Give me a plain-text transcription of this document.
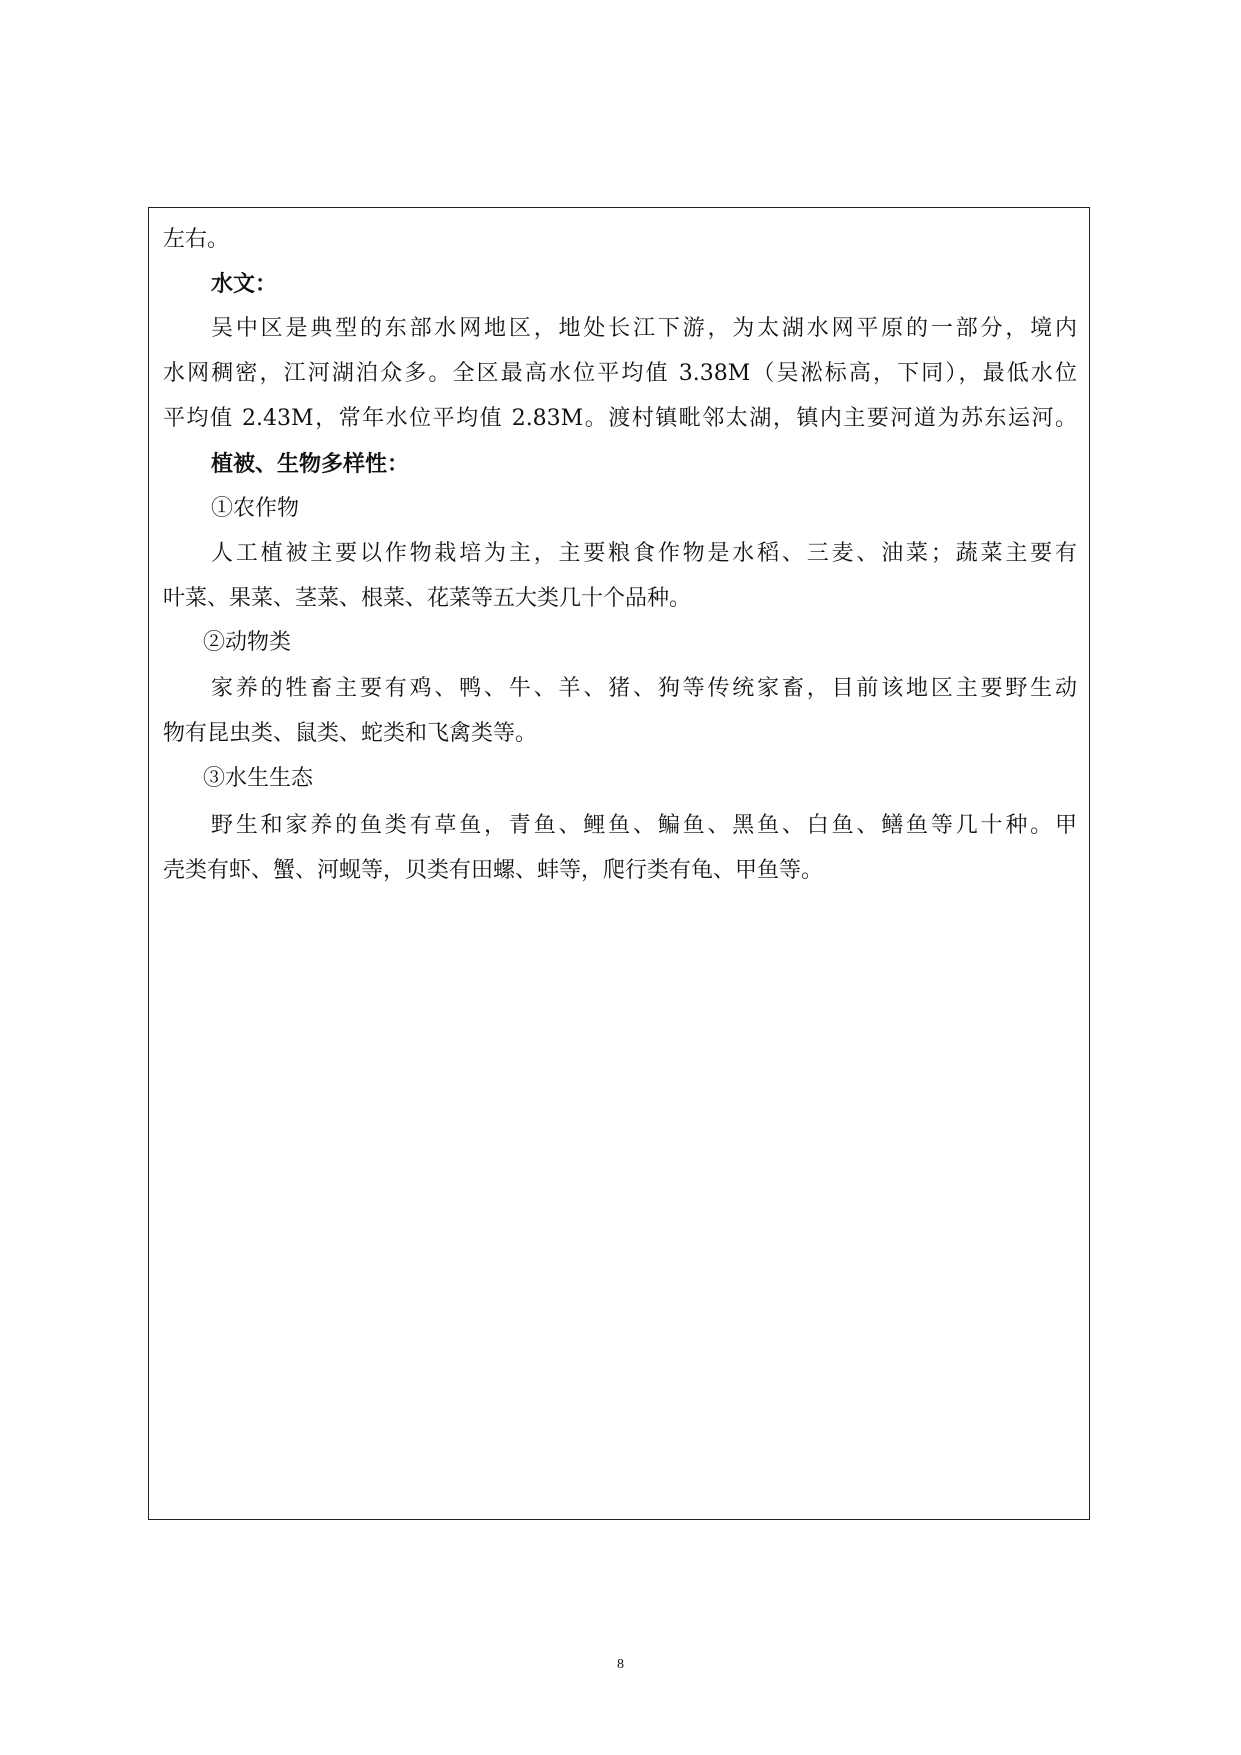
左右。
水文：
吴中区是典型的东部水网地区，地处长江下游，为太湖水网平原的一部分，境内
水网稠密，江河湖泊众多。全区最高水位平均值 3.38M（吴淞标高，下同），最低水位
平均值 2.43M，常年水位平均值 2.83M。渡村镇毗邻太湖，镇内主要河道为苏东运河。
植被、生物多样性：
①农作物
人工植被主要以作物栽培为主，主要粮食作物是水稻、三麦、油菜；蔬菜主要有
叶菜、果菜、茎菜、根菜、花菜等五大类几十个品种。
②动物类
家养的牲畜主要有鸡、鸭、牛、羊、猪、狗等传统家畜，目前该地区主要野生动
物有昆虫类、鼠类、蛇类和飞禽类等。
③水生生态
野生和家养的鱼类有草鱼，青鱼、鲤鱼、鳊鱼、黑鱼、白鱼、鳝鱼等几十种。甲
壳类有虾、蟹、河蚬等，贝类有田螺、蚌等，爬行类有龟、甲鱼等。
8
